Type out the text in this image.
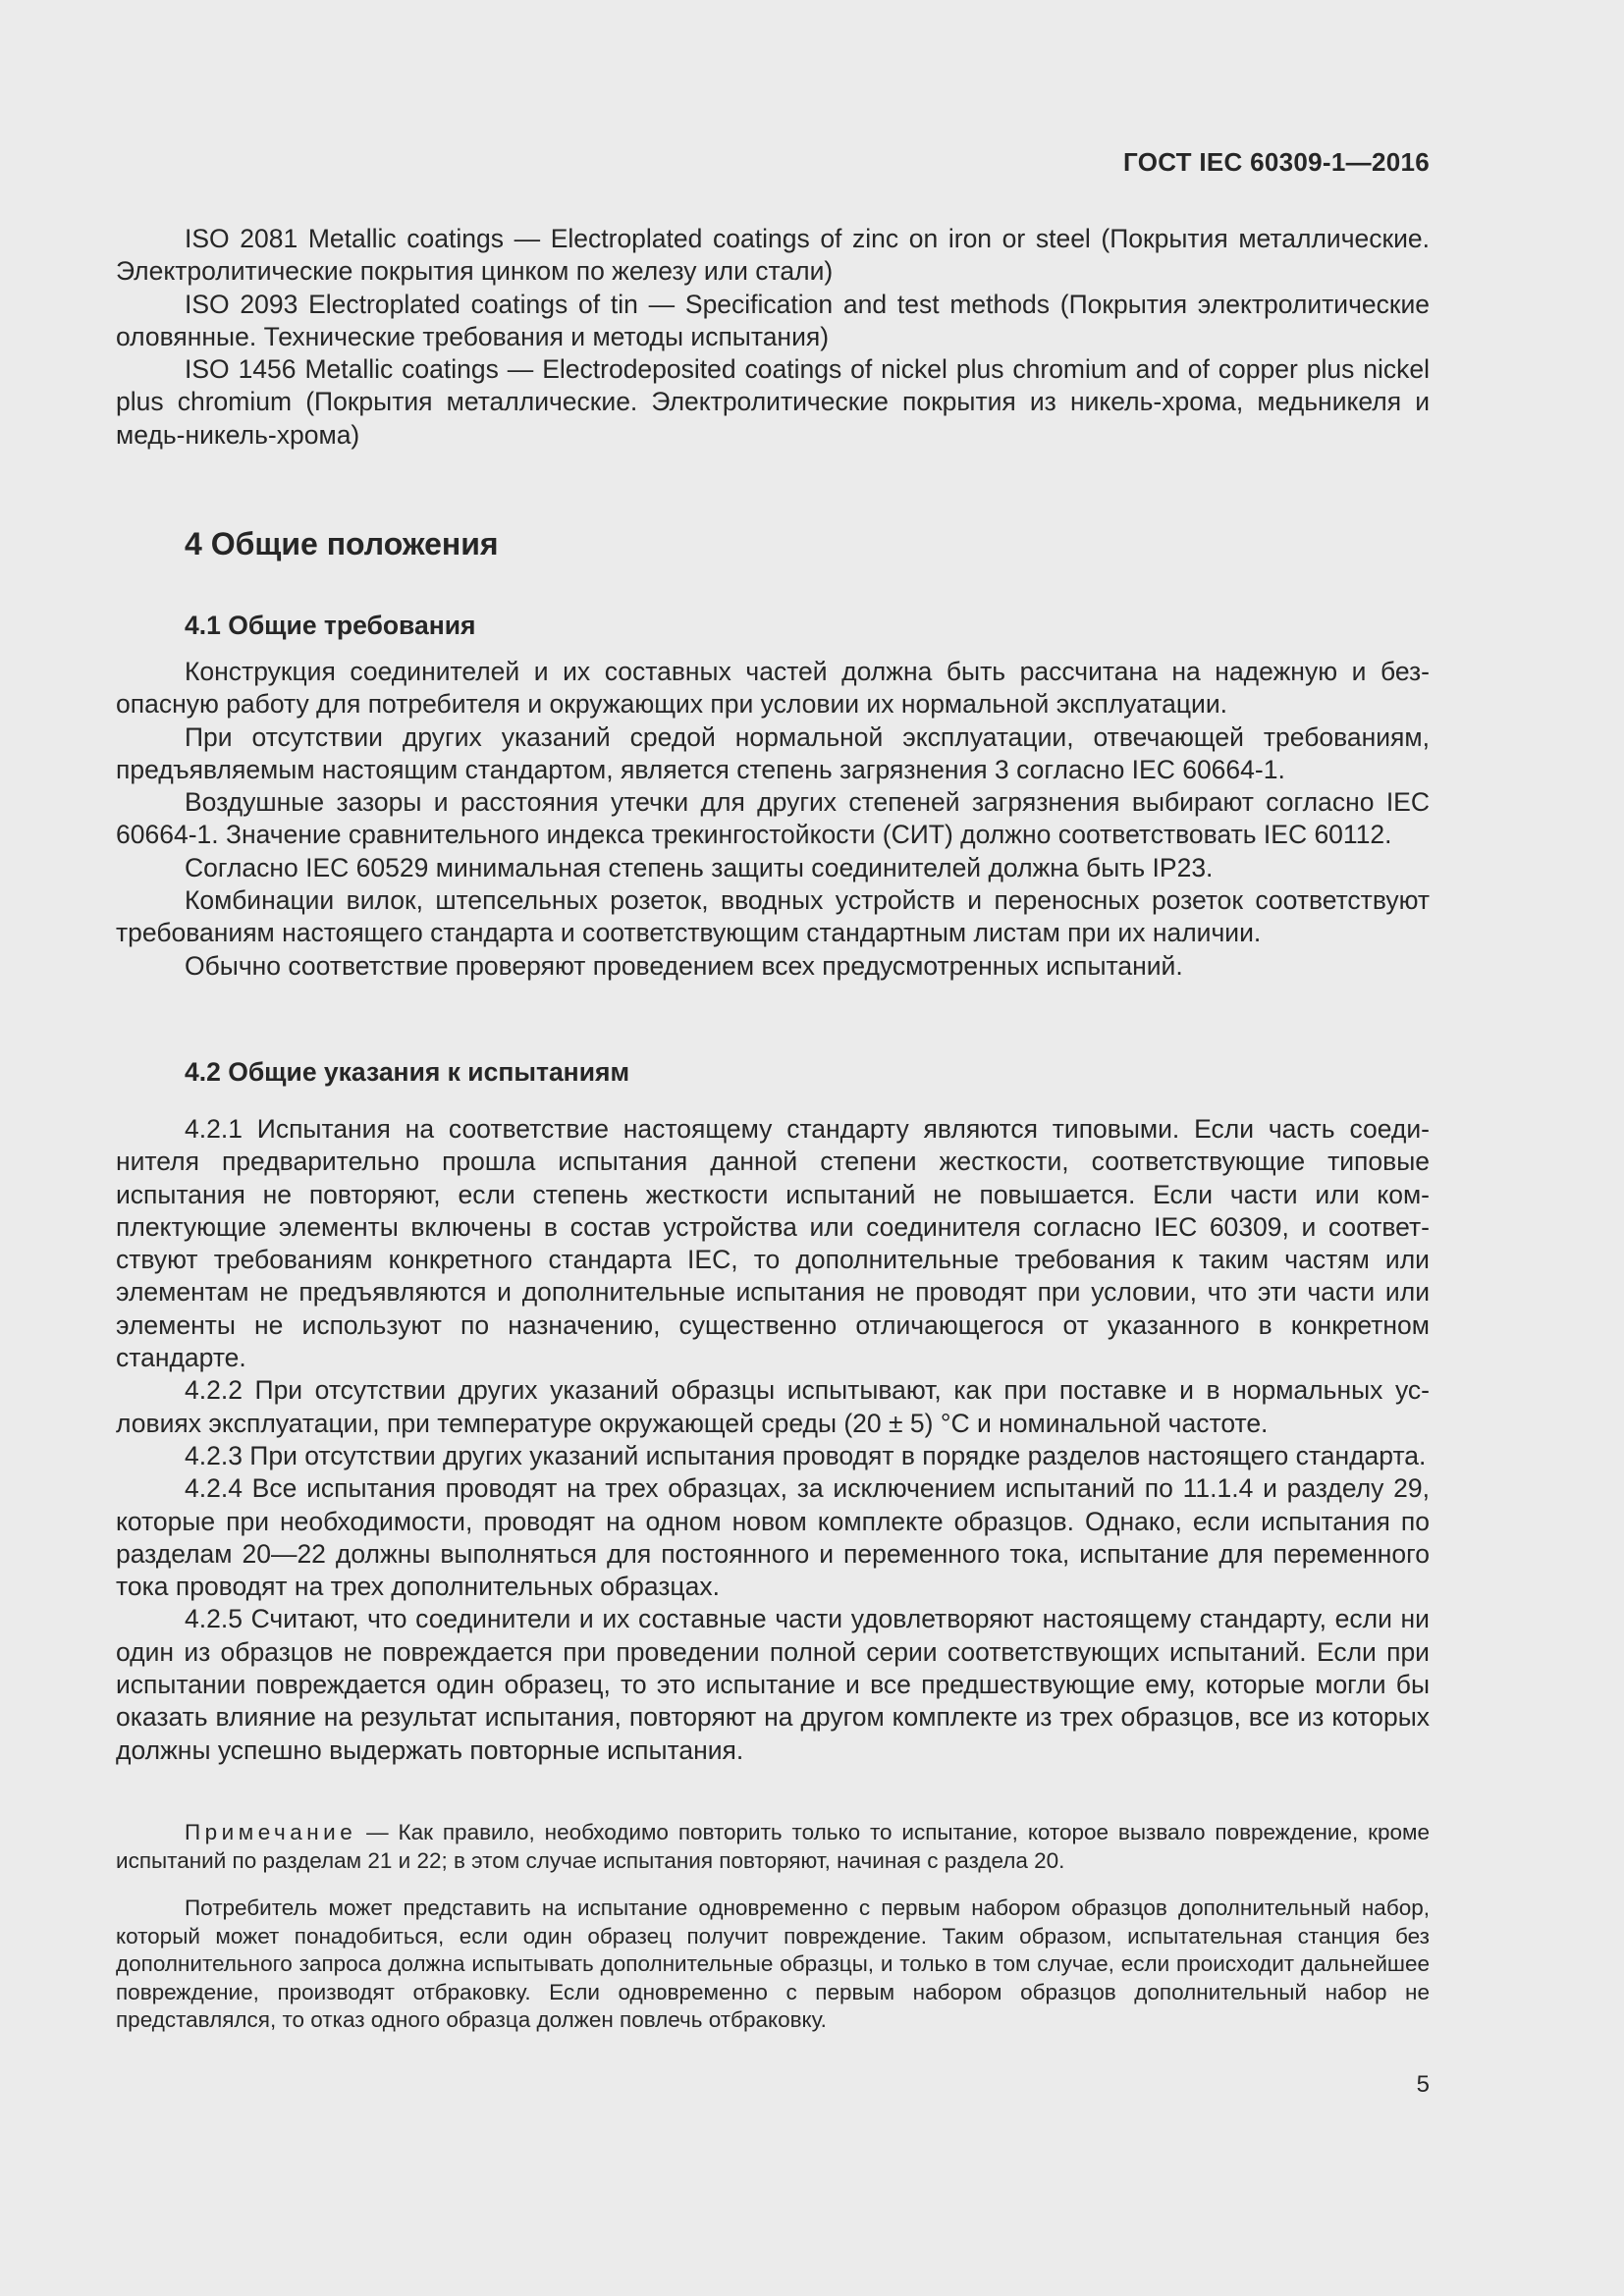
ГОСТ IEC 60309-1—2016

ISO 2081 Metallic coatings — Electroplated coatings of zinc on iron or steel (Покрытия металлические. Электролитические покрытия цинком по железу или стали)

ISO 2093 Electroplated coatings of tin — Specification and test methods (Покрытия электролитические оловянные. Технические требования и методы испытания)

ISO 1456 Metallic coatings — Electrodeposited coatings of nickel plus chromium and of copper plus nickel plus chromium (Покрытия металлические. Электролитические покрытия из никель-хрома, медьникеля и медь-никель-хрома)

4 Общие положения
4.1 Общие требования

Конструкция соединителей и их составных частей должна быть рассчитана на надежную и безопасную работу для потребителя и окружающих при условии их нормальной эксплуатации.

При отсутствии других указаний средой нормальной эксплуатации, отвечающей требованиям, предъявляемым настоящим стандартом, является степень загрязнения 3 согласно IEC 60664-1.

Воздушные зазоры и расстояния утечки для других степеней загрязнения выбирают согласно IEC 60664-1. Значение сравнительного индекса трекингостойкости (СИТ) должно соответствовать IEC 60112.

Согласно IEC 60529 минимальная степень защиты соединителей должна быть IP23.

Комбинации вилок, штепсельных розеток, вводных устройств и переносных розеток соответствуют требованиям настоящего стандарта и соответствующим стандартным листам при их наличии.

Обычно соответствие проверяют проведением всех предусмотренных испытаний.

4.2 Общие указания к испытаниям

4.2.1 Испытания на соответствие настоящему стандарту являются типовыми. Если часть соединителя предварительно прошла испытания данной степени жесткости, соответствующие типовые испытания не повторяют, если степень жесткости испытаний не повышается. Если части или комплектующие элементы включены в состав устройства или соединителя согласно IEC 60309, и соответствуют требованиям конкретного стандарта IEC, то дополнительные требования к таким частям или элементам не предъявляются и дополнительные испытания не проводят при условии, что эти части или элементы не используют по назначению, существенно отличающегося от указанного в конкретном стандарте.

4.2.2 При отсутствии других указаний образцы испытывают, как при поставке и в нормальных условиях эксплуатации, при температуре окружающей среды (20 ± 5) °С и номинальной частоте.

4.2.3 При отсутствии других указаний испытания проводят в порядке разделов настоящего стандарта.

4.2.4 Все испытания проводят на трех образцах, за исключением испытаний по 11.1.4 и разделу 29, которые при необходимости, проводят на одном новом комплекте образцов. Однако, если испытания по разделам 20—22 должны выполняться для постоянного и переменного тока, испытание для переменного тока проводят на трех дополнительных образцах.

4.2.5 Считают, что соединители и их составные части удовлетворяют настоящему стандарту, если ни один из образцов не повреждается при проведении полной серии соответствующих испытаний. Если при испытании повреждается один образец, то это испытание и все предшествующие ему, которые могли бы оказать влияние на результат испытания, повторяют на другом комплекте из трех образцов, все из которых должны успешно выдержать повторные испытания.

Примечание — Как правило, необходимо повторить только то испытание, которое вызвало повреждение, кроме испытаний по разделам 21 и 22; в этом случае испытания повторяют, начиная с раздела 20.

Потребитель может представить на испытание одновременно с первым набором образцов дополнительный набор, который может понадобиться, если один образец получит повреждение. Таким образом, испытательная станция без дополнительного запроса должна испытывать дополнительные образцы, и только в том случае, если происходит дальнейшее повреждение, производят отбраковку. Если одновременно с первым набором образцов дополнительный набор не представлялся, то отказ одного образца должен повлечь отбраковку.

5
